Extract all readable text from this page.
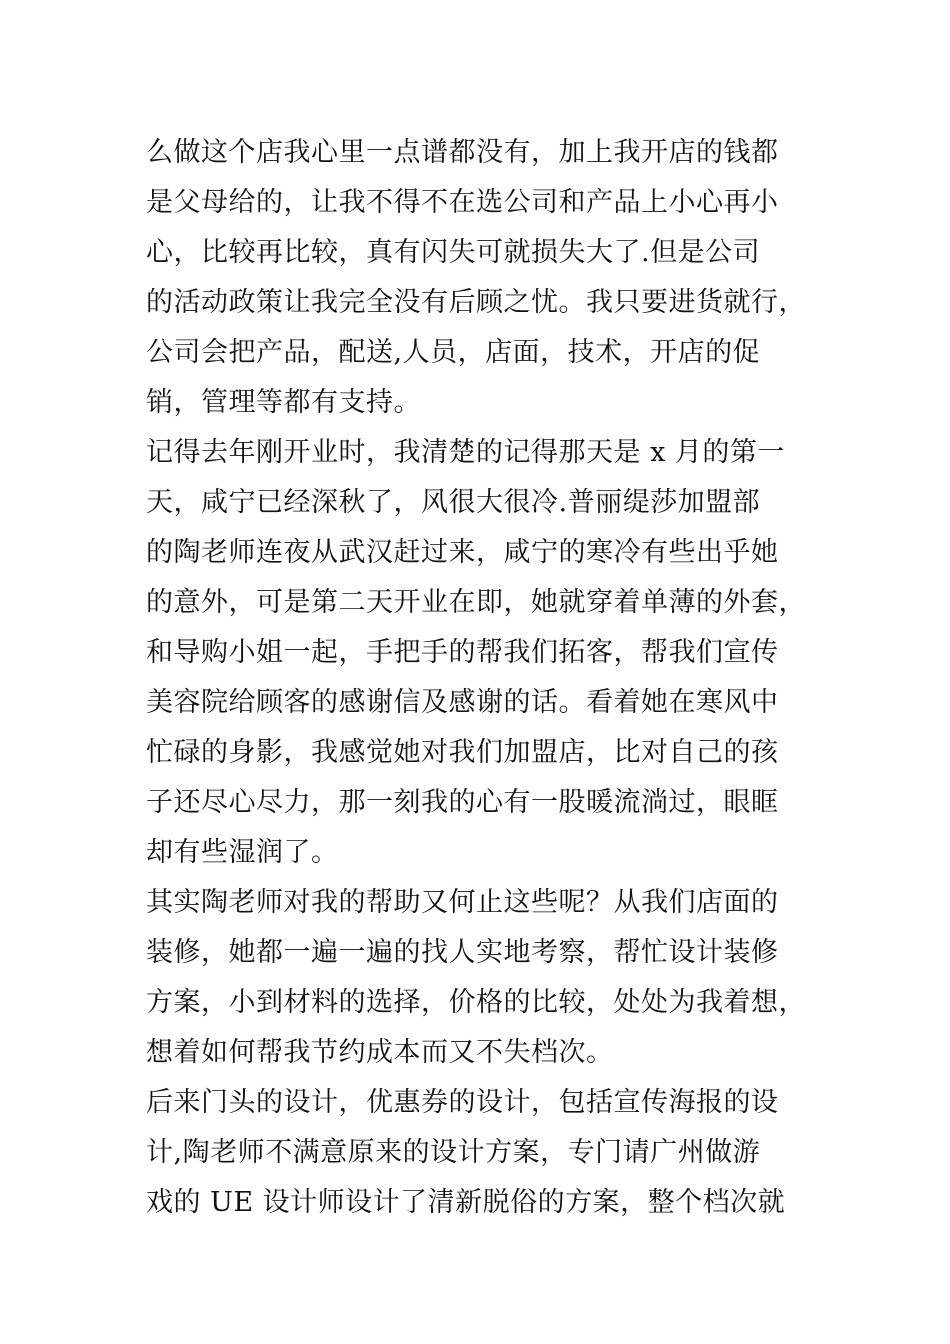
么做这个店我心里一点谱都没有，加上我开店的钱都
是父母给的，让我不得不在选公司和产品上小心再小
心，比较再比较，真有闪失可就损失大了.但是公司
的活动政策让我完全没有后顾之忧。我只要进货就行，
公司会把产品，配送,人员，店面，技术，开店的促
销，管理等都有支持。

记得去年刚开业时，我清楚的记得那天是 x 月的第一
天，咸宁已经深秋了，风很大很冷.普丽缇莎加盟部
的陶老师连夜从武汉赶过来，咸宁的寒冷有些出乎她
的意外，可是第二天开业在即，她就穿着单薄的外套，
和导购小姐一起，手把手的帮我们拓客，帮我们宣传
美容院给顾客的感谢信及感谢的话。看着她在寒风中
忙碌的身影，我感觉她对我们加盟店，比对自己的孩
子还尽心尽力，那一刻我的心有一股暖流淌过，眼眶
却有些湿润了。

其实陶老师对我的帮助又何止这些呢？从我们店面的
装修，她都一遍一遍的找人实地考察，帮忙设计装修
方案，小到材料的选择，价格的比较，处处为我着想，
想着如何帮我节约成本而又不失档次。

后来门头的设计，优惠券的设计，包括宣传海报的设
计,陶老师不满意原来的设计方案，专门请广州做游
戏的 UE 设计师设计了清新脱俗的方案，整个档次就
